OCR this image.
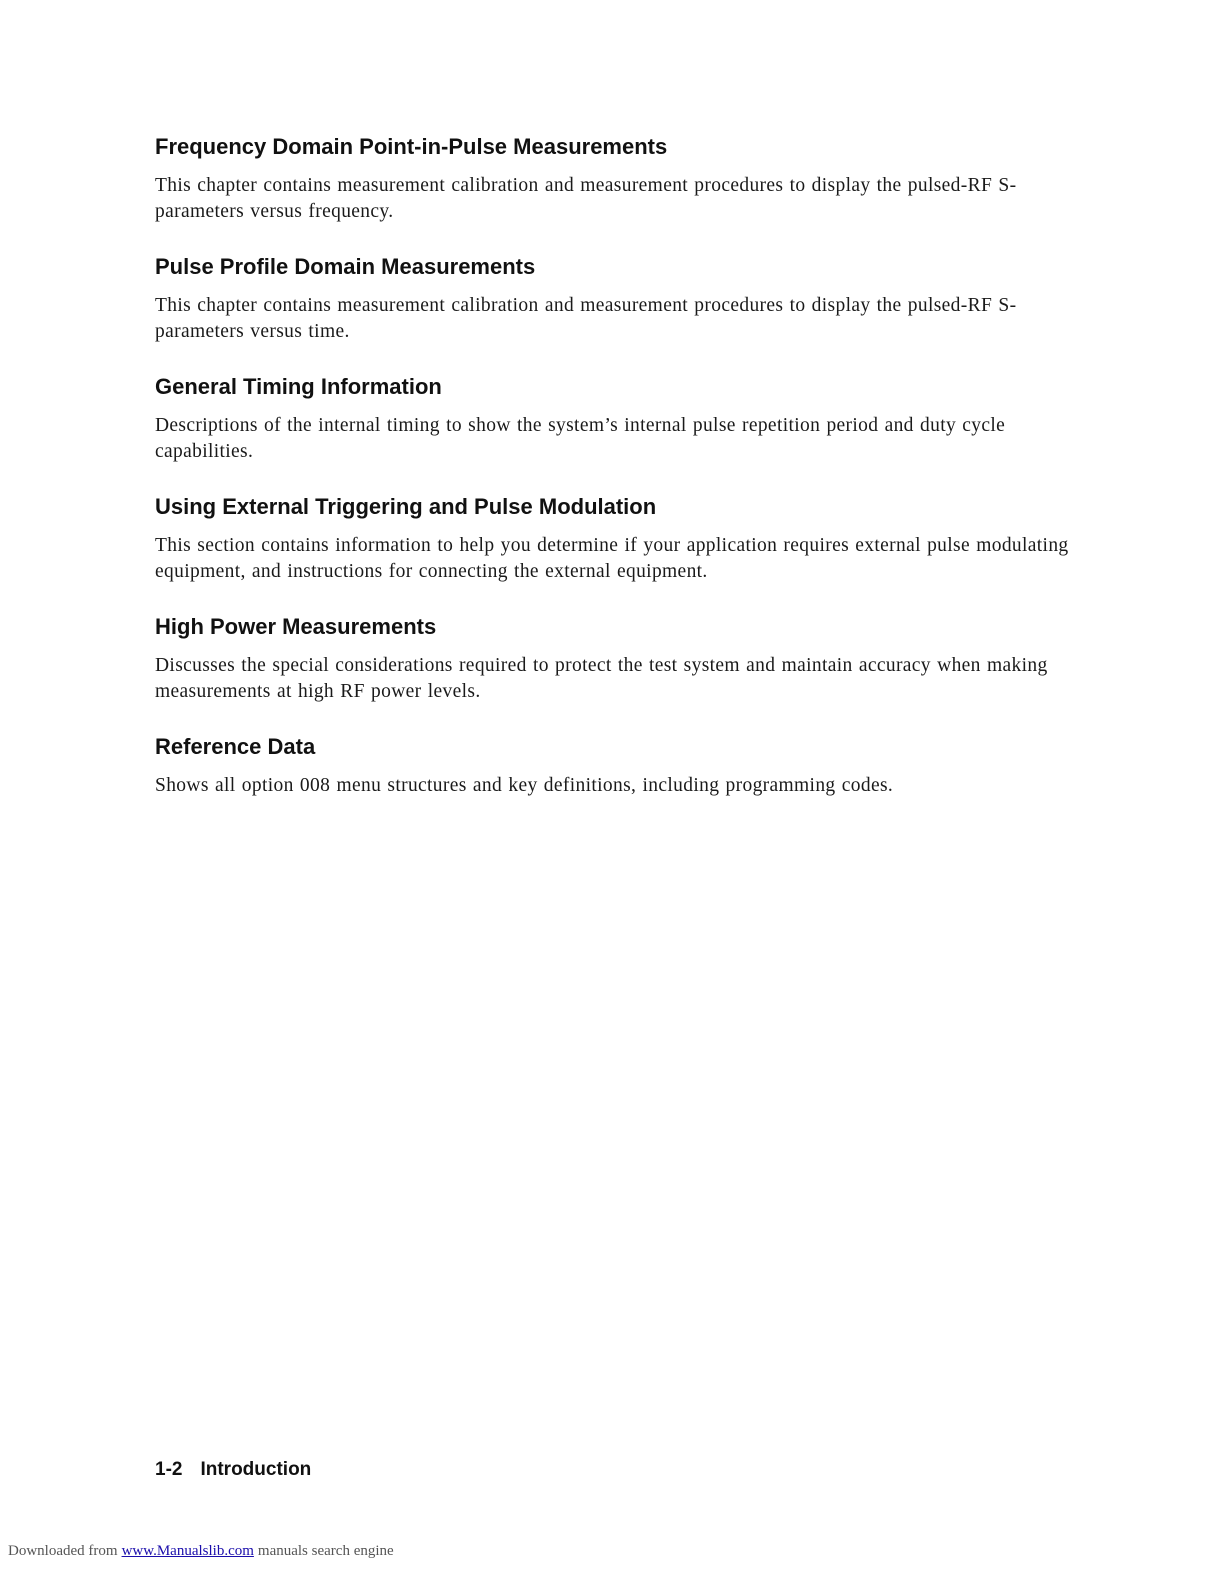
Frequency Domain Point-in-Pulse Measurements

This chapter contains measurement calibration and measurement procedures to display the pulsed-RF S-parameters versus frequency.

Pulse Profile Domain Measurements

This chapter contains measurement calibration and measurement procedures to display the pulsed-RF S-parameters versus time.

General Timing Information

Descriptions of the internal timing to show the system’s internal pulse repetition period and duty cycle capabilities.

Using External Triggering and Pulse Modulation

This section contains information to help you determine if your application requires external pulse modulating equipment, and instructions for connecting the external equipment.

High Power Measurements

Discusses the special considerations required to protect the test system and maintain accuracy when making measurements at high RF power levels.

Reference Data

Shows all option 008 menu structures and key definitions, including programming codes.

1-2 Introduction
Downloaded from www.Manualslib.com manuals search engine
